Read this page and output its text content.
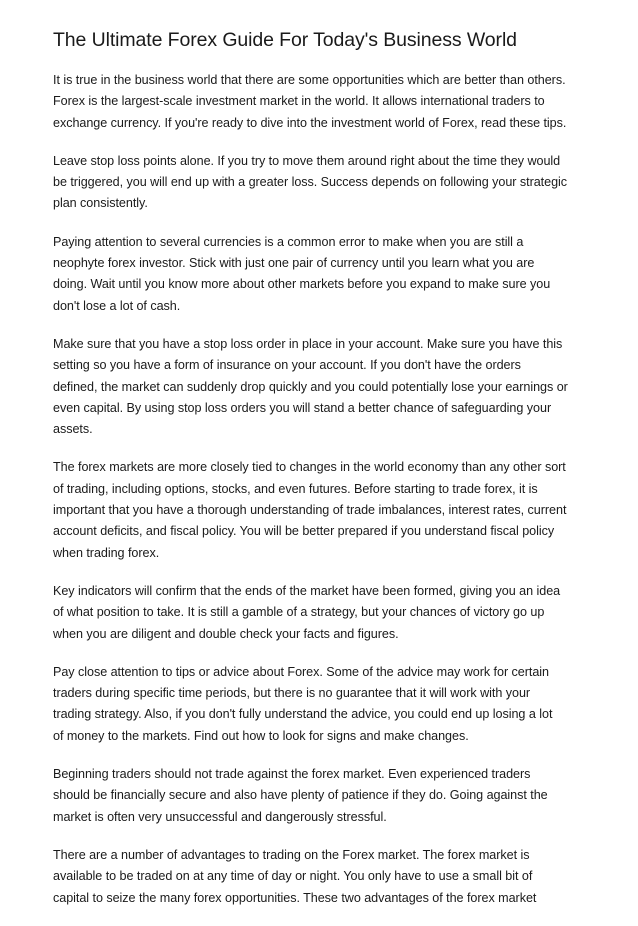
The Ultimate Forex Guide For Today's Business World

It is true in the business world that there are some opportunities which are better than others.
Forex is the largest-scale investment market in the world. It allows international traders to
exchange currency. If you're ready to dive into the investment world of Forex, read these tips.

Leave stop loss points alone. If you try to move them around right about the time they would
be triggered, you will end up with a greater loss. Success depends on following your strategic
plan consistently.

Paying attention to several currencies is a common error to make when you are still a
neophyte forex investor. Stick with just one pair of currency until you learn what you are
doing. Wait until you know more about other markets before you expand to make sure you
don't lose a lot of cash.

Make sure that you have a stop loss order in place in your account. Make sure you have this
setting so you have a form of insurance on your account. If you don't have the orders
defined, the market can suddenly drop quickly and you could potentially lose your earnings or
even capital. By using stop loss orders you will stand a better chance of safeguarding your
assets.

The forex markets are more closely tied to changes in the world economy than any other sort
of trading, including options, stocks, and even futures. Before starting to trade forex, it is
important that you have a thorough understanding of trade imbalances, interest rates, current
account deficits, and fiscal policy. You will be better prepared if you understand fiscal policy
when trading forex.

Key indicators will confirm that the ends of the market have been formed, giving you an idea
of what position to take. It is still a gamble of a strategy, but your chances of victory go up
when you are diligent and double check your facts and figures.

Pay close attention to tips or advice about Forex. Some of the advice may work for certain
traders during specific time periods, but there is no guarantee that it will work with your
trading strategy. Also, if you don't fully understand the advice, you could end up losing a lot
of money to the markets. Find out how to look for signs and make changes.

Beginning traders should not trade against the forex market. Even experienced traders
should be financially secure and also have plenty of patience if they do. Going against the
market is often very unsuccessful and dangerously stressful.

There are a number of advantages to trading on the Forex market. The forex market is
available to be traded on at any time of day or night. You only have to use a small bit of
capital to seize the many forex opportunities. These two advantages of the forex market
